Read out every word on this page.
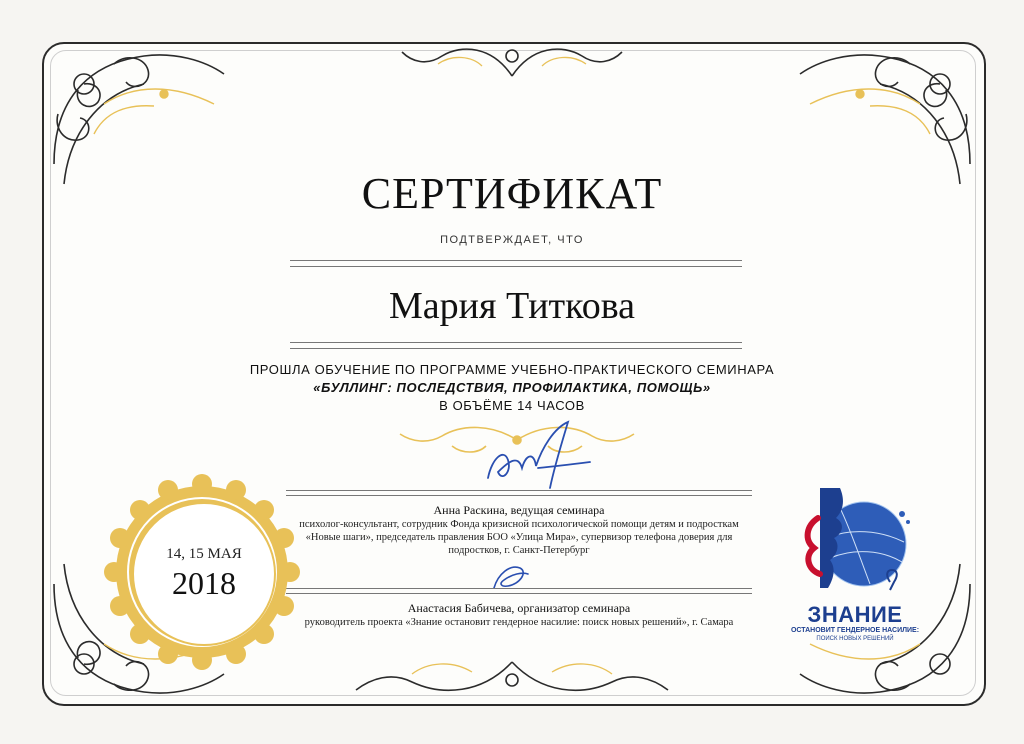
СЕРТИФИКАТ
ПОДТВЕРЖДАЕТ, ЧТО
Мария Титкова
ПРОШЛА ОБУЧЕНИЕ ПО ПРОГРАММЕ УЧЕБНО-ПРАКТИЧЕСКОГО СЕМИНАРА
«БУЛЛИНГ: ПОСЛЕДСТВИЯ, ПРОФИЛАКТИКА, ПОМОЩЬ»
В ОБЪЁМЕ 14 ЧАСОВ
Анна Раскина, ведущая семинара
психолог-консультант, сотрудник Фонда кризисной психологической помощи детям и подросткам «Новые шаги», председатель правления БОО «Улица Мира», супервизор телефона доверия для подростков, г. Санкт-Петербург
Анастасия Бабичева, организатор семинара
руководитель проекта «Знание остановит гендерное насилие: поиск новых решений», г. Самара
14, 15 МАЯ
2018
ЗНАНИЕ
ОСТАНОВИТ ГЕНДЕРНОЕ НАСИЛИЕ:
ПОИСК НОВЫХ РЕШЕНИЙ
